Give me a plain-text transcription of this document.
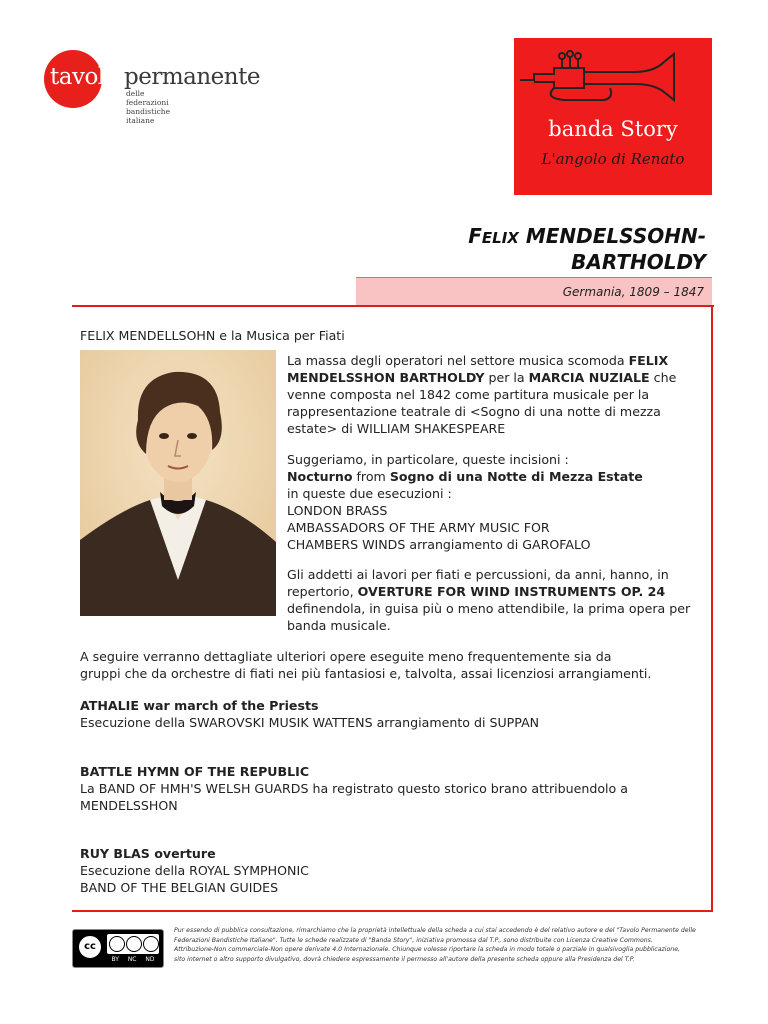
tavolo permanente
delle federazioni bandistiche italiane	banda Story
L'angolo di Renato
FELIX MENDELSSOHN-
BARTHOLDY
Germania, 1809 – 1847
FELIX MENDELLSOHN e la Musica per Fiati
La massa degli operatori nel settore musica scomoda FELIX MENDELSSHON BARTHOLDY per la MARCIA NUZIALE che venne composta nel 1842 come partitura musicale per la rappresentazione teatrale di <Sogno di una notte di mezza estate> di WILLIAM SHAKESPEARE
Suggeriamo, in particolare, queste incisioni :
Nocturno from Sogno di una Notte di Mezza Estate
in queste due esecuzioni :
LONDON BRASS
AMBASSADORS OF THE ARMY MUSIC FOR
CHAMBERS WINDS arrangiamento di GAROFALO
Gli addetti ai lavori per fiati e percussioni, da anni, hanno, in repertorio, OVERTURE FOR WIND INSTRUMENTS OP. 24 definendola, in guisa più o meno attendibile, la prima opera per banda musicale.
A seguire verranno dettagliate ulteriori opere eseguite meno frequentemente sia da
gruppi che da orchestre di fiati nei più fantasiosi e, talvolta, assai licenziosi arrangiamenti.
ATHALIE war march of the Priests
Esecuzione della SWAROVSKI MUSIK WATTENS arrangiamento di SUPPAN
BATTLE HYMN OF THE REPUBLIC
La BAND OF HMH'S WELSH GUARDS ha registrato questo storico brano attribuendolo a
MENDELSSHON
RUY BLAS overture
Esecuzione della ROYAL SYMPHONIC
BAND OF THE BELGIAN GUIDES
cc
BY NC ND
Pur essendo di pubblica consultazione, rimarchiamo che la proprietà intellettuale della scheda a cui stai accedendo è del relativo autore e del "Tavolo Permanente delle
Federazioni Bandistiche Italiane". Tutte le schede realizzate di "Banda Story", iniziativa promossa dal T.P., sono distribuite con Licenza Creative Commons.
Attribuzione-Non commerciale-Non opere derivate 4.0 Internazionale. Chiunque volesse riportare la scheda in modo totale o parziale in qualsivoglia pubblicazione,
sito internet o altro supporto divulgativo, dovrà chiedere espressamente il permesso all'autore della presente scheda oppure alla Presidenza del T.P.
